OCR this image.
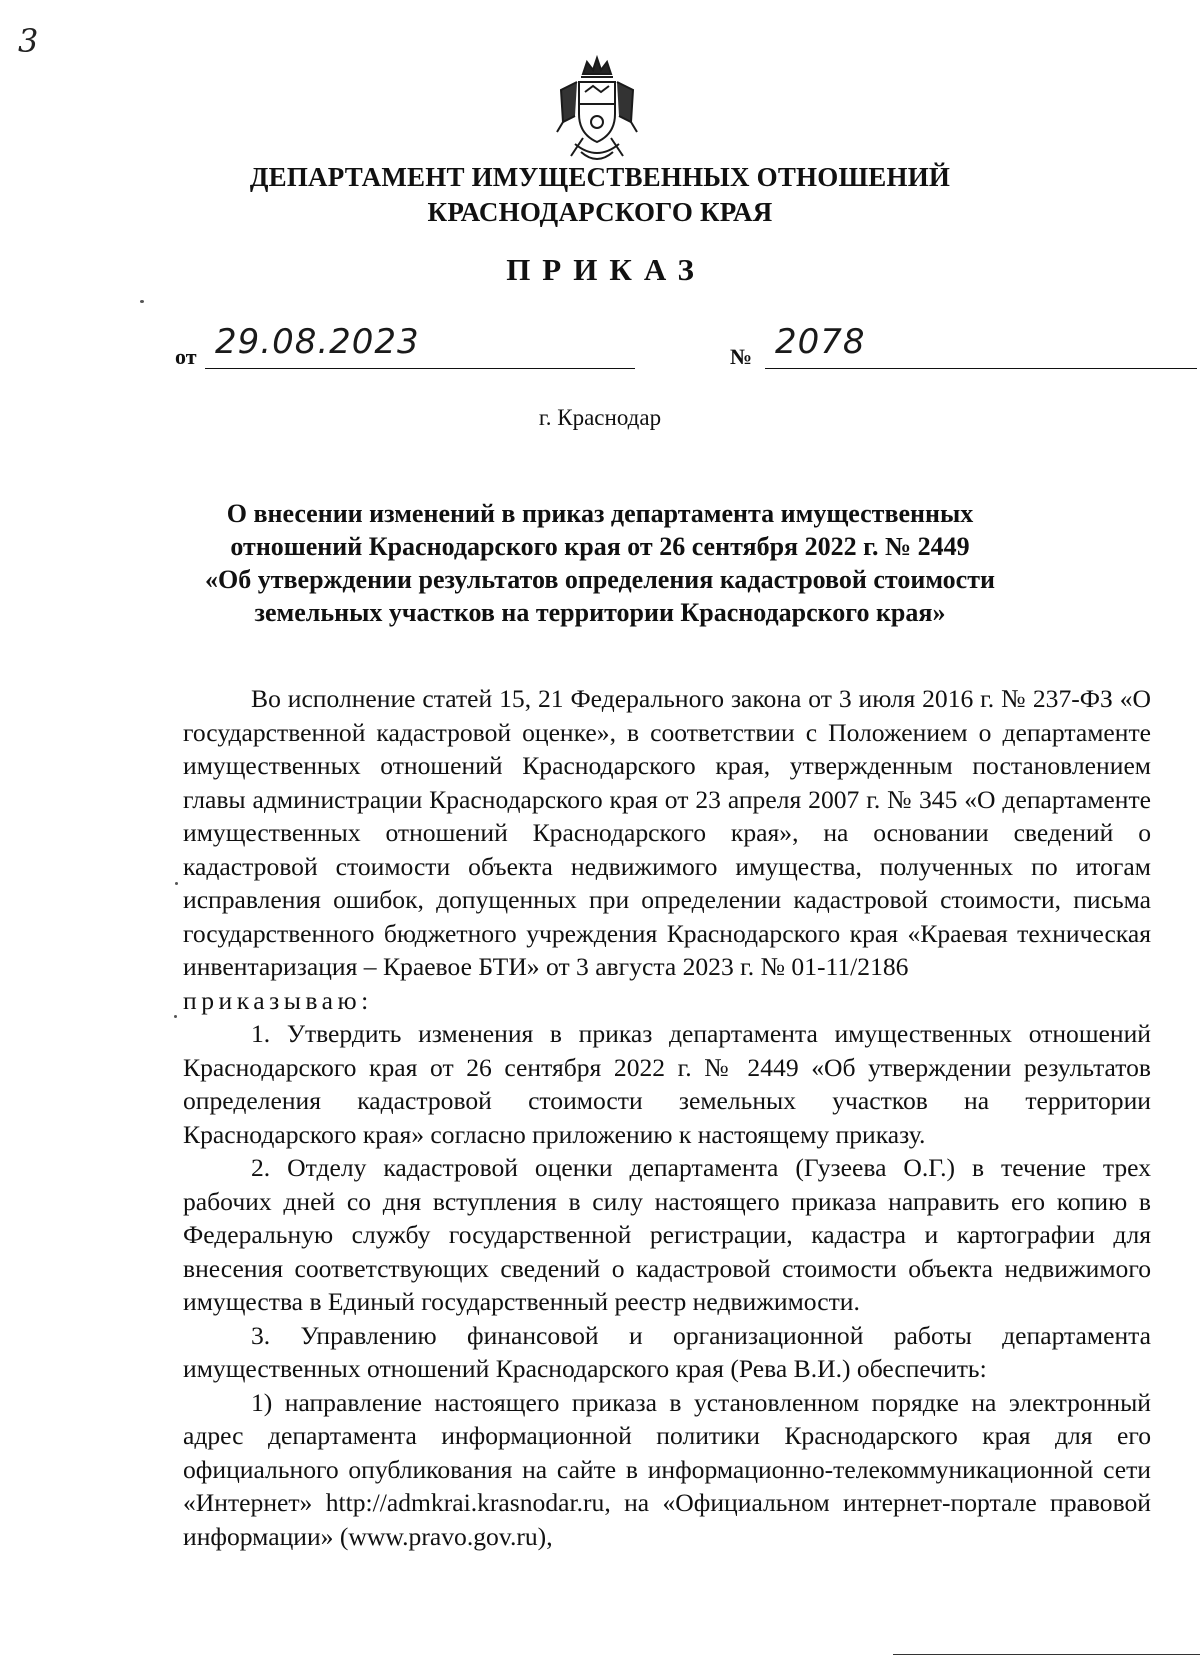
3
ДЕПАРТАМЕНТ ИМУЩЕСТВЕННЫХ ОТНОШЕНИЙ
КРАСНОДАРСКОГО КРАЯ
ПРИКАЗ
от 29.08.2023	№ 2078
г. Краснодар
О внесении изменений в приказ департамента имущественных
отношений Краснодарского края от 26 сентября 2022 г. № 2449
«Об утверждении результатов определения кадастровой стоимости
земельных участков на территории Краснодарского края»

Во исполнение статей 15, 21 Федерального закона от 3 июля 2016 г. № 237-ФЗ «О государственной кадастровой оценке», в соответствии с Положением о департаменте имущественных отношений Краснодарского края, утвержденным постановлением главы администрации Краснодарского края от 23 апреля 2007 г. № 345 «О департаменте имущественных отношений Краснодарского края», на основании сведений о кадастровой стоимости объекта недвижимого имущества, полученных по итогам исправления ошибок, допущенных при определении кадастровой стоимости, письма государственного бюджетного учреждения Краснодарского края «Краевая техническая инвентаризация – Краевое БТИ» от 3 августа 2023 г. № 01-11/2186

приказываю:

1. Утвердить изменения в приказ департамента имущественных отношений Краснодарского края от 26 сентября 2022 г. № 2449 «Об утверждении результатов определения кадастровой стоимости земельных участков на территории Краснодарского края» согласно приложению к настоящему приказу.

2. Отделу кадастровой оценки департамента (Гузеева О.Г.) в течение трех рабочих дней со дня вступления в силу настоящего приказа направить его копию в Федеральную службу государственной регистрации, кадастра и картографии для внесения соответствующих сведений о кадастровой стоимости объекта недвижимого имущества в Единый государственный реестр недвижимости.

3. Управлению финансовой и организационной работы департамента имущественных отношений Краснодарского края (Рева В.И.) обеспечить:

1) направление настоящего приказа в установленном порядке на электронный адрес департамента информационной политики Краснодарского края для его официального опубликования на сайте в информационно-телекоммуникационной сети «Интернет» http://admkrai.krasnodar.ru, на «Официальном интернет-портале правовой информации» (www.pravo.gov.ru),
